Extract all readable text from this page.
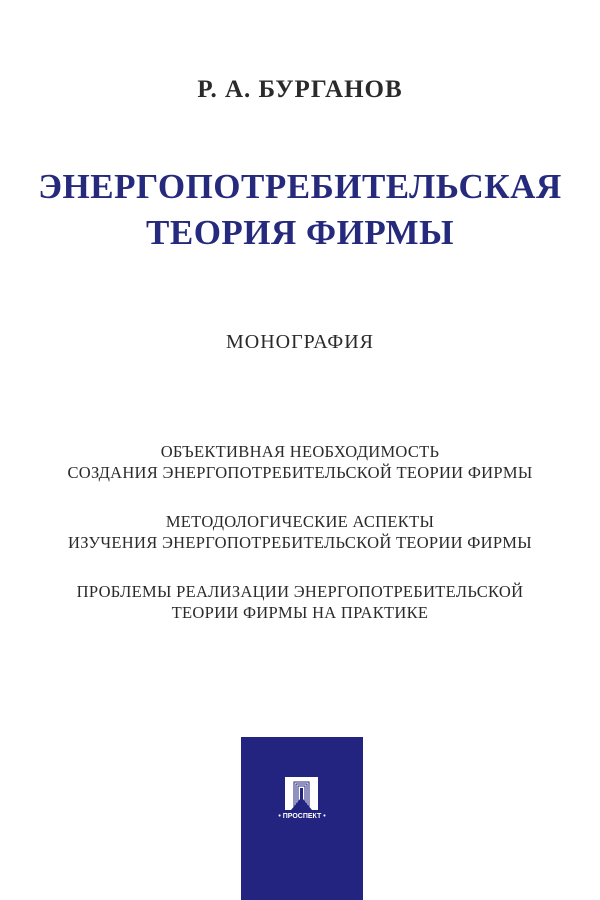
Р. А. БУРГАНОВ
ЭНЕРГОПОТРЕБИТЕЛЬСКАЯ
ТЕОРИЯ ФИРМЫ
МОНОГРАФИЯ
ОБЪЕКТИВНАЯ НЕОБХОДИМОСТЬ
СОЗДАНИЯ ЭНЕРГОПОТРЕБИТЕЛЬСКОЙ ТЕОРИИ ФИРМЫ
МЕТОДОЛОГИЧЕСКИЕ АСПЕКТЫ
ИЗУЧЕНИЯ ЭНЕРГОПОТРЕБИТЕЛЬСКОЙ ТЕОРИИ ФИРМЫ
ПРОБЛЕМЫ РЕАЛИЗАЦИИ ЭНЕРГОПОТРЕБИТЕЛЬСКОЙ
ТЕОРИИ ФИРМЫ НА ПРАКТИКЕ
• ПРОСПЕКТ •
